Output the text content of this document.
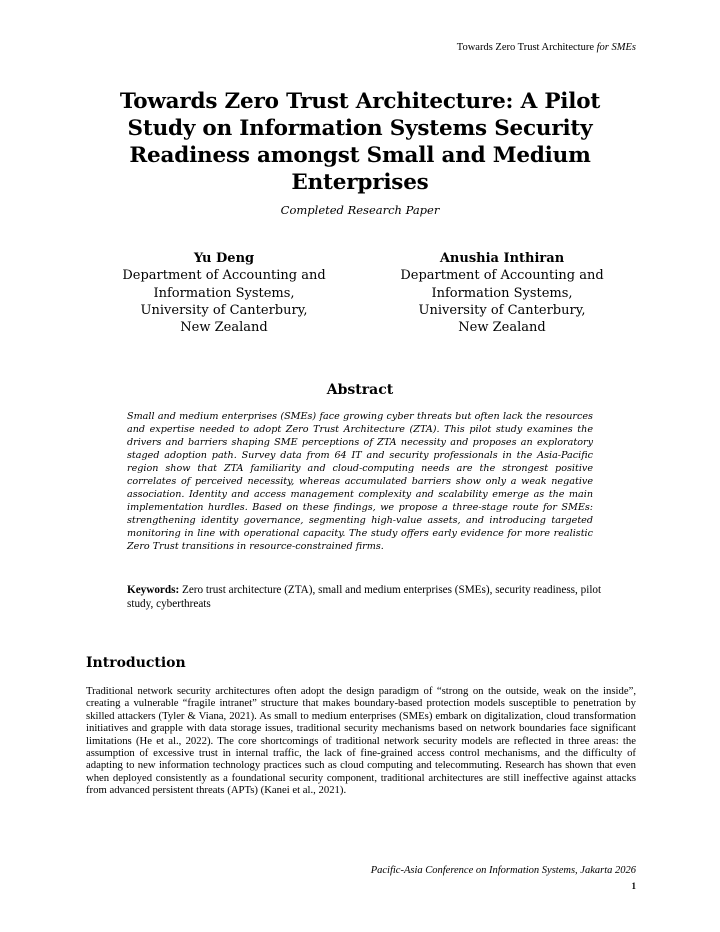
Towards Zero Trust Architecture for SMEs
Towards Zero Trust Architecture: A Pilot Study on Information Systems Security Readiness amongst Small and Medium Enterprises
Completed Research Paper
Yu Deng
Department of Accounting and
Information Systems,
University of Canterbury,
New Zealand
Anushia Inthiran
Department of Accounting and
Information Systems,
University of Canterbury,
New Zealand
Abstract

Small and medium enterprises (SMEs) face growing cyber threats but often lack the resources and expertise needed to adopt Zero Trust Architecture (ZTA). This pilot study examines the drivers and barriers shaping SME perceptions of ZTA necessity and proposes an exploratory staged adoption path. Survey data from 64 IT and security professionals in the Asia-Pacific region show that ZTA familiarity and cloud-computing needs are the strongest positive correlates of perceived necessity, whereas accumulated barriers show only a weak negative association. Identity and access management complexity and scalability emerge as the main implementation hurdles. Based on these findings, we propose a three-stage route for SMEs: strengthening identity governance, segmenting high-value assets, and introducing targeted monitoring in line with operational capacity. The study offers early evidence for more realistic Zero Trust transitions in resource-constrained firms.

Keywords: Zero trust architecture (ZTA), small and medium enterprises (SMEs), security readiness, pilot study, cyberthreats

Introduction

Traditional network security architectures often adopt the design paradigm of “strong on the outside, weak on the inside”, creating a vulnerable “fragile intranet” structure that makes boundary-based protection models susceptible to penetration by skilled attackers (Tyler & Viana, 2021). As small to medium enterprises (SMEs) embark on digitalization, cloud transformation initiatives and grapple with data storage issues, traditional security mechanisms based on network boundaries face significant limitations (He et al., 2022). The core shortcomings of traditional network security models are reflected in three areas: the assumption of excessive trust in internal traffic, the lack of fine-grained access control mechanisms, and the difficulty of adapting to new information technology practices such as cloud computing and telecommuting. Research has shown that even when deployed consistently as a foundational security component, traditional architectures are still ineffective against attacks from advanced persistent threats (APTs) (Kanei et al., 2021).

Pacific-Asia Conference on Information Systems, Jakarta 2026
1
